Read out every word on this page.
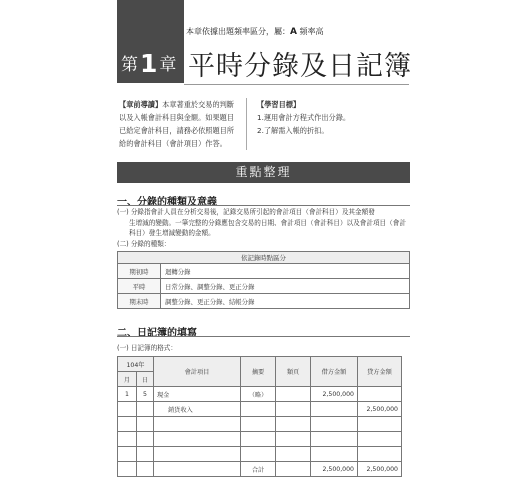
本章依據出題頻率區分，屬：A 頻率高
第1 章 平時分錄及日記簿
【章前導讀】本章著重於交易的判斷以及入帳會計科目與金額。如果題目已給定會計科目，請務必依照題目所給的會計科目（會計項目）作答。
【學習目標】
1.運用會計方程式作出分錄。
2.了解需入帳的折扣。
重點整理
一、分錄的種類及意義
(一) 分錄指會計人員在分析交易後，記錄交易所引起的會計項目（會計科目）及其金額發
生增減的變動。一筆完整的分錄應包含交易的日期、會計項目（會計科目）以及會計項目（會計科目）發生增減變動的金額。
(二) 分錄的種類：
依記錄時點區分	
期初時	迴轉分錄
平時	日常分錄、調整分錄、更正分錄
期末時	調整分錄、更正分錄、結帳分錄
二、日記簿的填寫
(一) 日記簿的格式：
104年		會計項目	摘要	類頁	借方金額	貸方金額
月	日					
1	5	現金	（略）		2,500,000	
		銷貨收入				2,500,000

			合計		2,500,000	2,500,000
